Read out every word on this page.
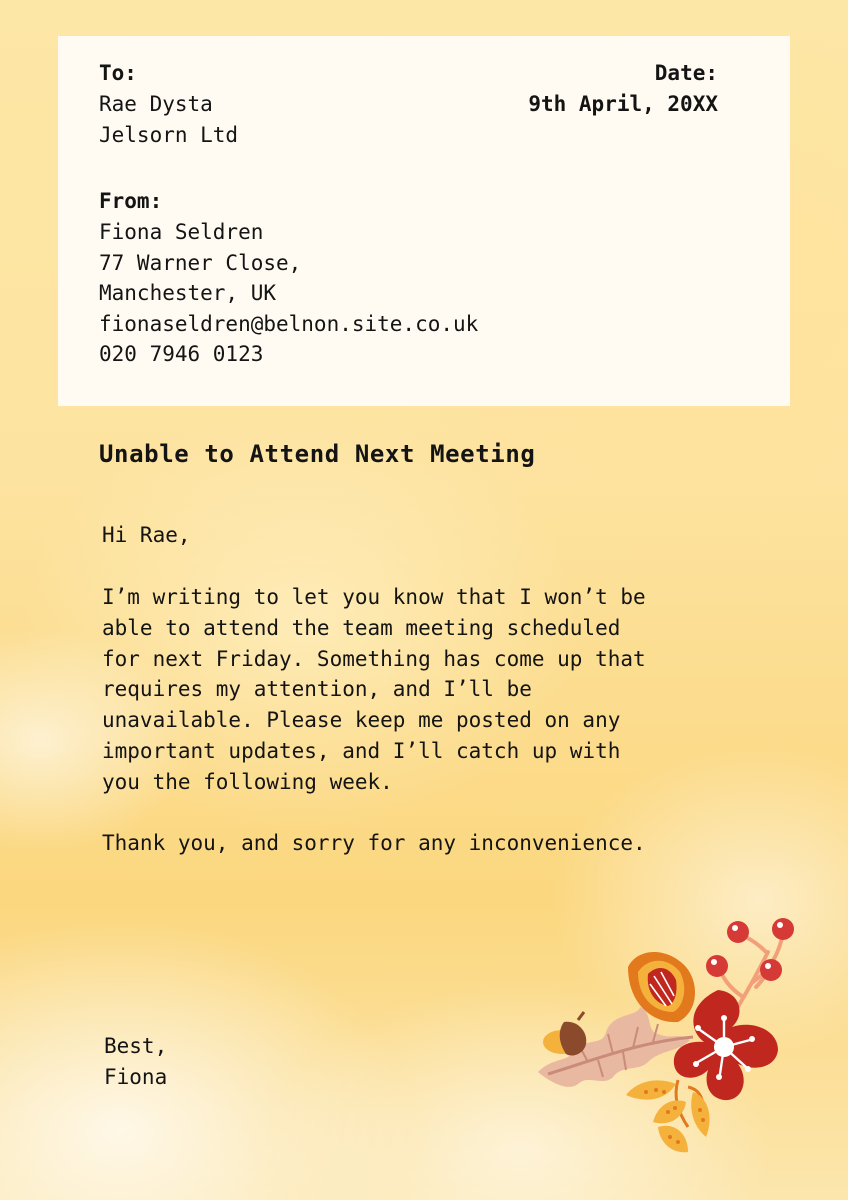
To:
Rae Dysta
Jelsorn Ltd
Date:
9th April, 20XX
From:
Fiona Seldren
77 Warner Close,
Manchester, UK
fionaseldren@belnon.site.co.uk
020 7946 0123
Unable to Attend Next Meeting
Hi Rae,
I’m writing to let you know that I won’t be
able to attend the team meeting scheduled
for next Friday. Something has come up that
requires my attention, and I’ll be
unavailable. Please keep me posted on any
important updates, and I’ll catch up with
you the following week.
Thank you, and sorry for any inconvenience.
Best,
Fiona
